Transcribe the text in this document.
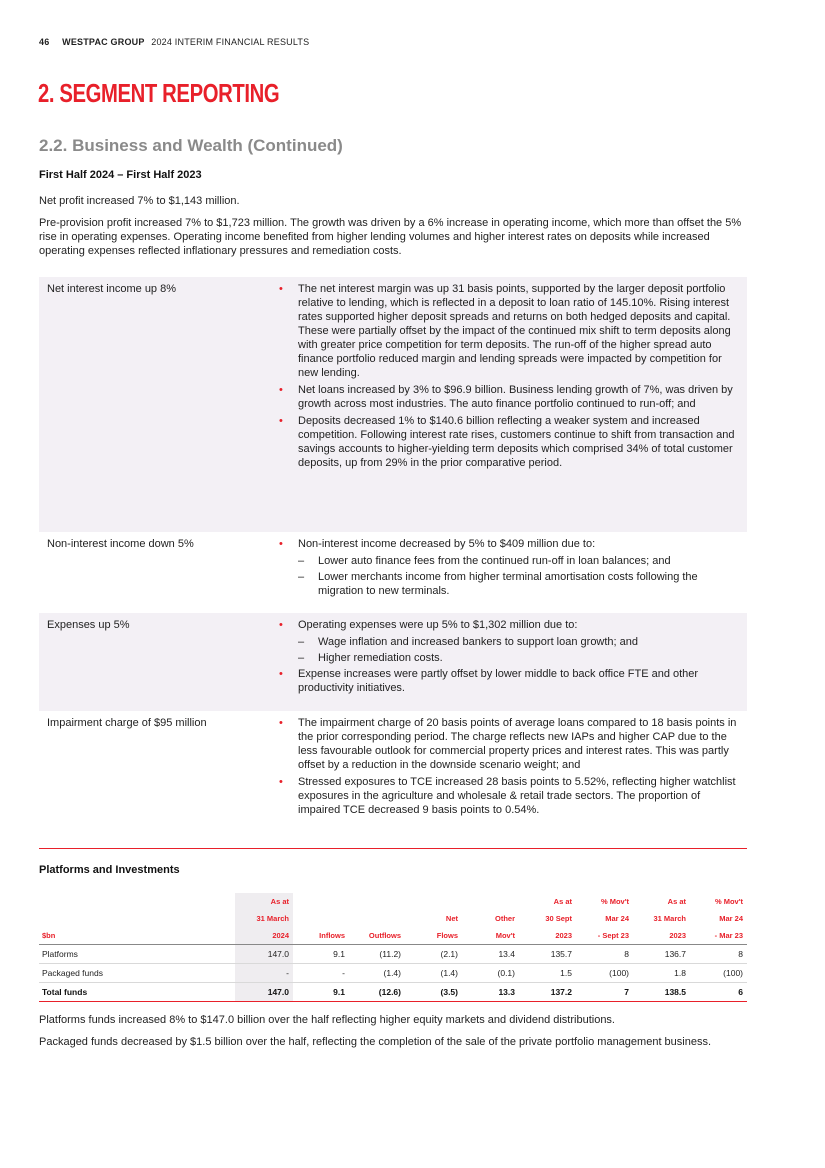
46 WESTPAC GROUP 2024 INTERIM FINANCIAL RESULTS
2. SEGMENT REPORTING
2.2. Business and Wealth (Continued)
First Half 2024 – First Half 2023

Net profit increased 7% to $1,143 million.

Pre-provision profit increased 7% to $1,723 million. The growth was driven by a 6% increase in operating income, which more than offset the 5% rise in operating expenses. Operating income benefited from higher lending volumes and higher interest rates on deposits while increased operating expenses reflected inflationary pressures and remediation costs.

Net interest income up 8%	• The net interest margin was up 31 basis points, supported by the larger deposit portfolio relative to lending, which is reflected in a deposit to loan ratio of 145.10%. Rising interest rates supported higher deposit spreads and returns on both hedged deposits and capital. These were partially offset by the impact of the continued mix shift to term deposits along with greater price competition for term deposits. The run-off of the higher spread auto finance portfolio reduced margin and lending spreads were impacted by competition for new lending.
• Net loans increased by 3% to $96.9 billion. Business lending growth of 7%, was driven by growth across most industries. The auto finance portfolio continued to run-off; and
• Deposits decreased 1% to $140.6 billion reflecting a weaker system and increased competition. Following interest rate rises, customers continue to shift from transaction and savings accounts to higher-yielding term deposits which comprised 34% of total customer deposits, up from 29% in the prior comparative period.
Non-interest income down 5%	• Non-interest income decreased by 5% to $409 million due to:
– Lower auto finance fees from the continued run-off in loan balances; and
– Lower merchants income from higher terminal amortisation costs following the migration to new terminals.
Expenses up 5%	• Operating expenses were up 5% to $1,302 million due to:
– Wage inflation and increased bankers to support loan growth; and
– Higher remediation costs.
• Expense increases were partly offset by lower middle to back office FTE and other productivity initiatives.
Impairment charge of $95 million	• The impairment charge of 20 basis points of average loans compared to 18 basis points in the prior corresponding period. The charge reflects new IAPs and higher CAP due to the less favourable outlook for commercial property prices and interest rates. This was partly offset by a reduction in the downside scenario weight; and
• Stressed exposures to TCE increased 28 basis points to 5.52%, reflecting higher watchlist exposures in the agriculture and wholesale & retail trade sectors. The proportion of impaired TCE decreased 9 basis points to 0.54%.
Platforms and Investments
	As at					As at	% Mov't	As at	% Mov't
	31 March			Net	Other	30 Sept	Mar 24	31 March	Mar 24
$bn	2024	Inflows	Outflows	Flows	Mov't	2023	- Sept 23	2023	- Mar 23
Platforms	147.0	9.1	(11.2)	(2.1)	13.4	135.7	8	136.7	8
Packaged funds	-	-	(1.4)	(1.4)	(0.1)	1.5	(100)	1.8	(100)
Total funds	147.0	9.1	(12.6)	(3.5)	13.3	137.2	7	138.5	6

Platforms funds increased 8% to $147.0 billion over the half reflecting higher equity markets and dividend distributions.

Packaged funds decreased by $1.5 billion over the half, reflecting the completion of the sale of the private portfolio management business.
